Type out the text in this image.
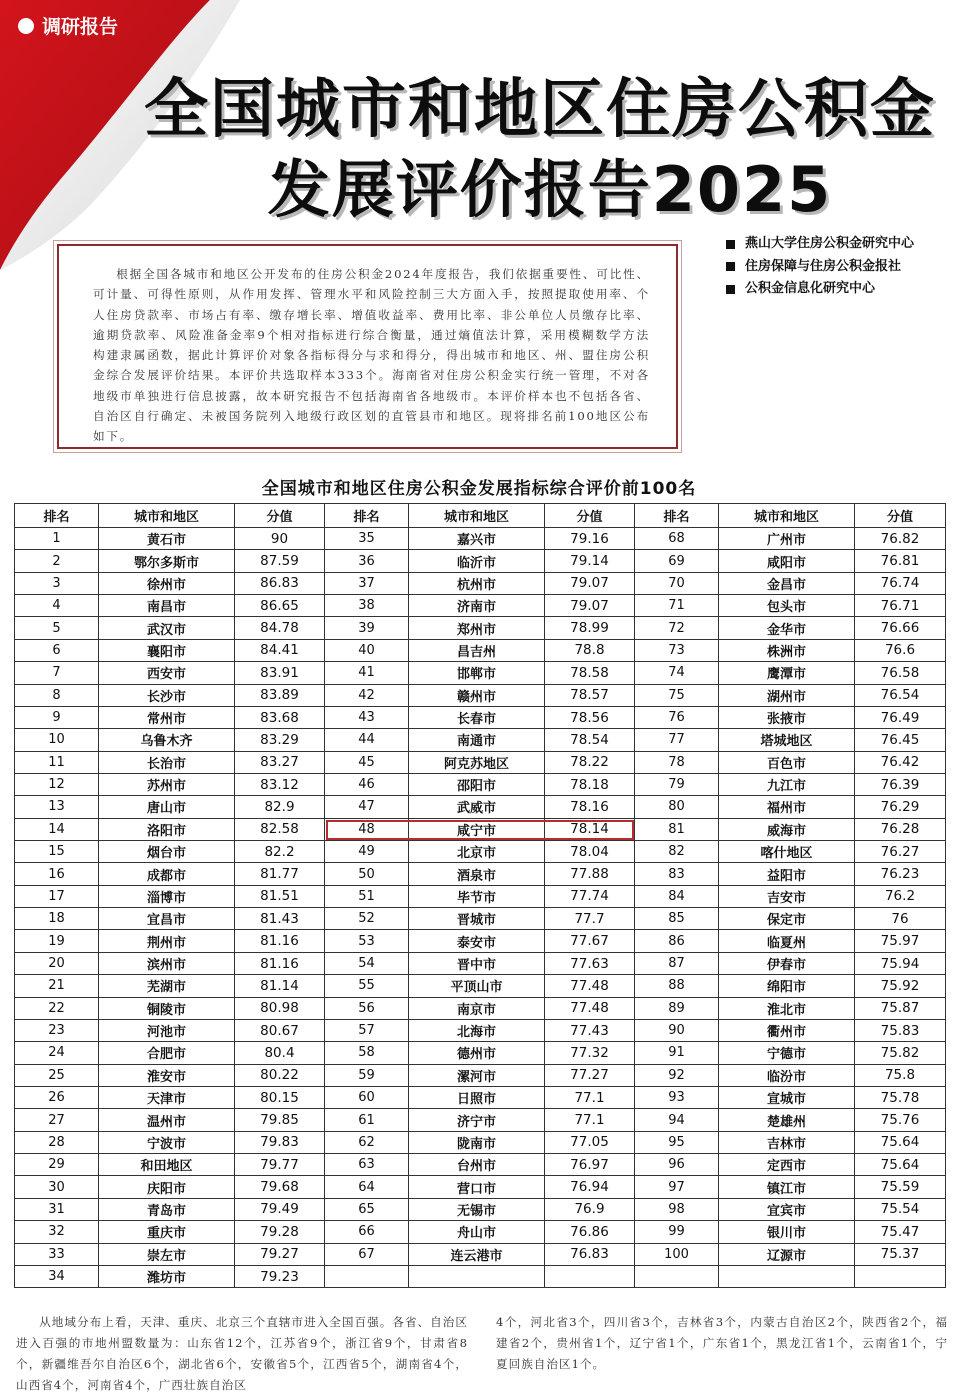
调研报告
全国城市和地区住房公积金
发展评价报告2025
燕山大学住房公积金研究中心
住房保障与住房公积金报社
公积金信息化研究中心
根据全国各城市和地区公开发布的住房公积金2024年度报告，我们依据重要性、可比性、可计量、可得性原则，从作用发挥、管理水平和风险控制三大方面入手，按照提取使用率、个人住房贷款率、市场占有率、缴存增长率、增值收益率、费用比率、非公单位人员缴存比率、逾期贷款率、风险准备金率9个相对指标进行综合衡量，通过熵值法计算，采用模糊数学方法构建隶属函数，据此计算评价对象各指标得分与求和得分，得出城市和地区、州、盟住房公积金综合发展评价结果。本评价共选取样本333个。海南省对住房公积金实行统一管理，不对各地级市单独进行信息披露，故本研究报告不包括海南省各地级市。本评价样本也不包括各省、自治区自行确定、未被国务院列入地级行政区划的直管县市和地区。现将排名前100地区公布如下。
全国城市和地区住房公积金发展指标综合评价前100名
排名	城市和地区	分值	排名	城市和地区	分值	排名	城市和地区	分值
1	黄石市	90	35	嘉兴市	79.16	68	广州市	76.82
2	鄂尔多斯市	87.59	36	临沂市	79.14	69	咸阳市	76.81
3	徐州市	86.83	37	杭州市	79.07	70	金昌市	76.74
4	南昌市	86.65	38	济南市	79.07	71	包头市	76.71
5	武汉市	84.78	39	郑州市	78.99	72	金华市	76.66
6	襄阳市	84.41	40	昌吉州	78.8	73	株洲市	76.6
7	西安市	83.91	41	邯郸市	78.58	74	鹰潭市	76.58
8	长沙市	83.89	42	赣州市	78.57	75	湖州市	76.54
9	常州市	83.68	43	长春市	78.56	76	张掖市	76.49
10	乌鲁木齐	83.29	44	南通市	78.54	77	塔城地区	76.45
11	长治市	83.27	45	阿克苏地区	78.22	78	百色市	76.42
12	苏州市	83.12	46	邵阳市	78.18	79	九江市	76.39
13	唐山市	82.9	47	武威市	78.16	80	福州市	76.29
14	洛阳市	82.58	48	咸宁市	78.14	81	威海市	76.28
15	烟台市	82.2	49	北京市	78.04	82	喀什地区	76.27
16	成都市	81.77	50	酒泉市	77.88	83	益阳市	76.23
17	淄博市	81.51	51	毕节市	77.74	84	吉安市	76.2
18	宜昌市	81.43	52	晋城市	77.7	85	保定市	76
19	荆州市	81.16	53	泰安市	77.67	86	临夏州	75.97
20	滨州市	81.16	54	晋中市	77.63	87	伊春市	75.94
21	芜湖市	81.14	55	平顶山市	77.48	88	绵阳市	75.92
22	铜陵市	80.98	56	南京市	77.48	89	淮北市	75.87
23	河池市	80.67	57	北海市	77.43	90	衢州市	75.83
24	合肥市	80.4	58	德州市	77.32	91	宁德市	75.82
25	淮安市	80.22	59	漯河市	77.27	92	临汾市	75.8
26	天津市	80.15	60	日照市	77.1	93	宣城市	75.78
27	温州市	79.85	61	济宁市	77.1	94	楚雄州	75.76
28	宁波市	79.83	62	陇南市	77.05	95	吉林市	75.64
29	和田地区	79.77	63	台州市	76.97	96	定西市	75.64
30	庆阳市	79.68	64	营口市	76.94	97	镇江市	75.59
31	青岛市	79.49	65	无锡市	76.9	98	宜宾市	75.54
32	重庆市	79.28	66	舟山市	76.86	99	银川市	75.47
33	崇左市	79.27	67	连云港市	76.83	100	辽源市	75.37
34	潍坊市	79.23						
从地域分布上看，天津、重庆、北京三个直辖市进入全国百强。各省、自治区进入百强的市地州盟数量为：山东省12个，江苏省9个，浙江省9个，甘肃省8个，新疆维吾尔自治区6个，湖北省6个，安徽省5个，江西省5个，湖南省4个，山西省4个，河南省4个，广西壮族自治区
4个，河北省3个，四川省3个，吉林省3个，内蒙古自治区2个，陕西省2个，福建省2个，贵州省1个，辽宁省1个，广东省1个，黑龙江省1个，云南省1个，宁夏回族自治区1个。
